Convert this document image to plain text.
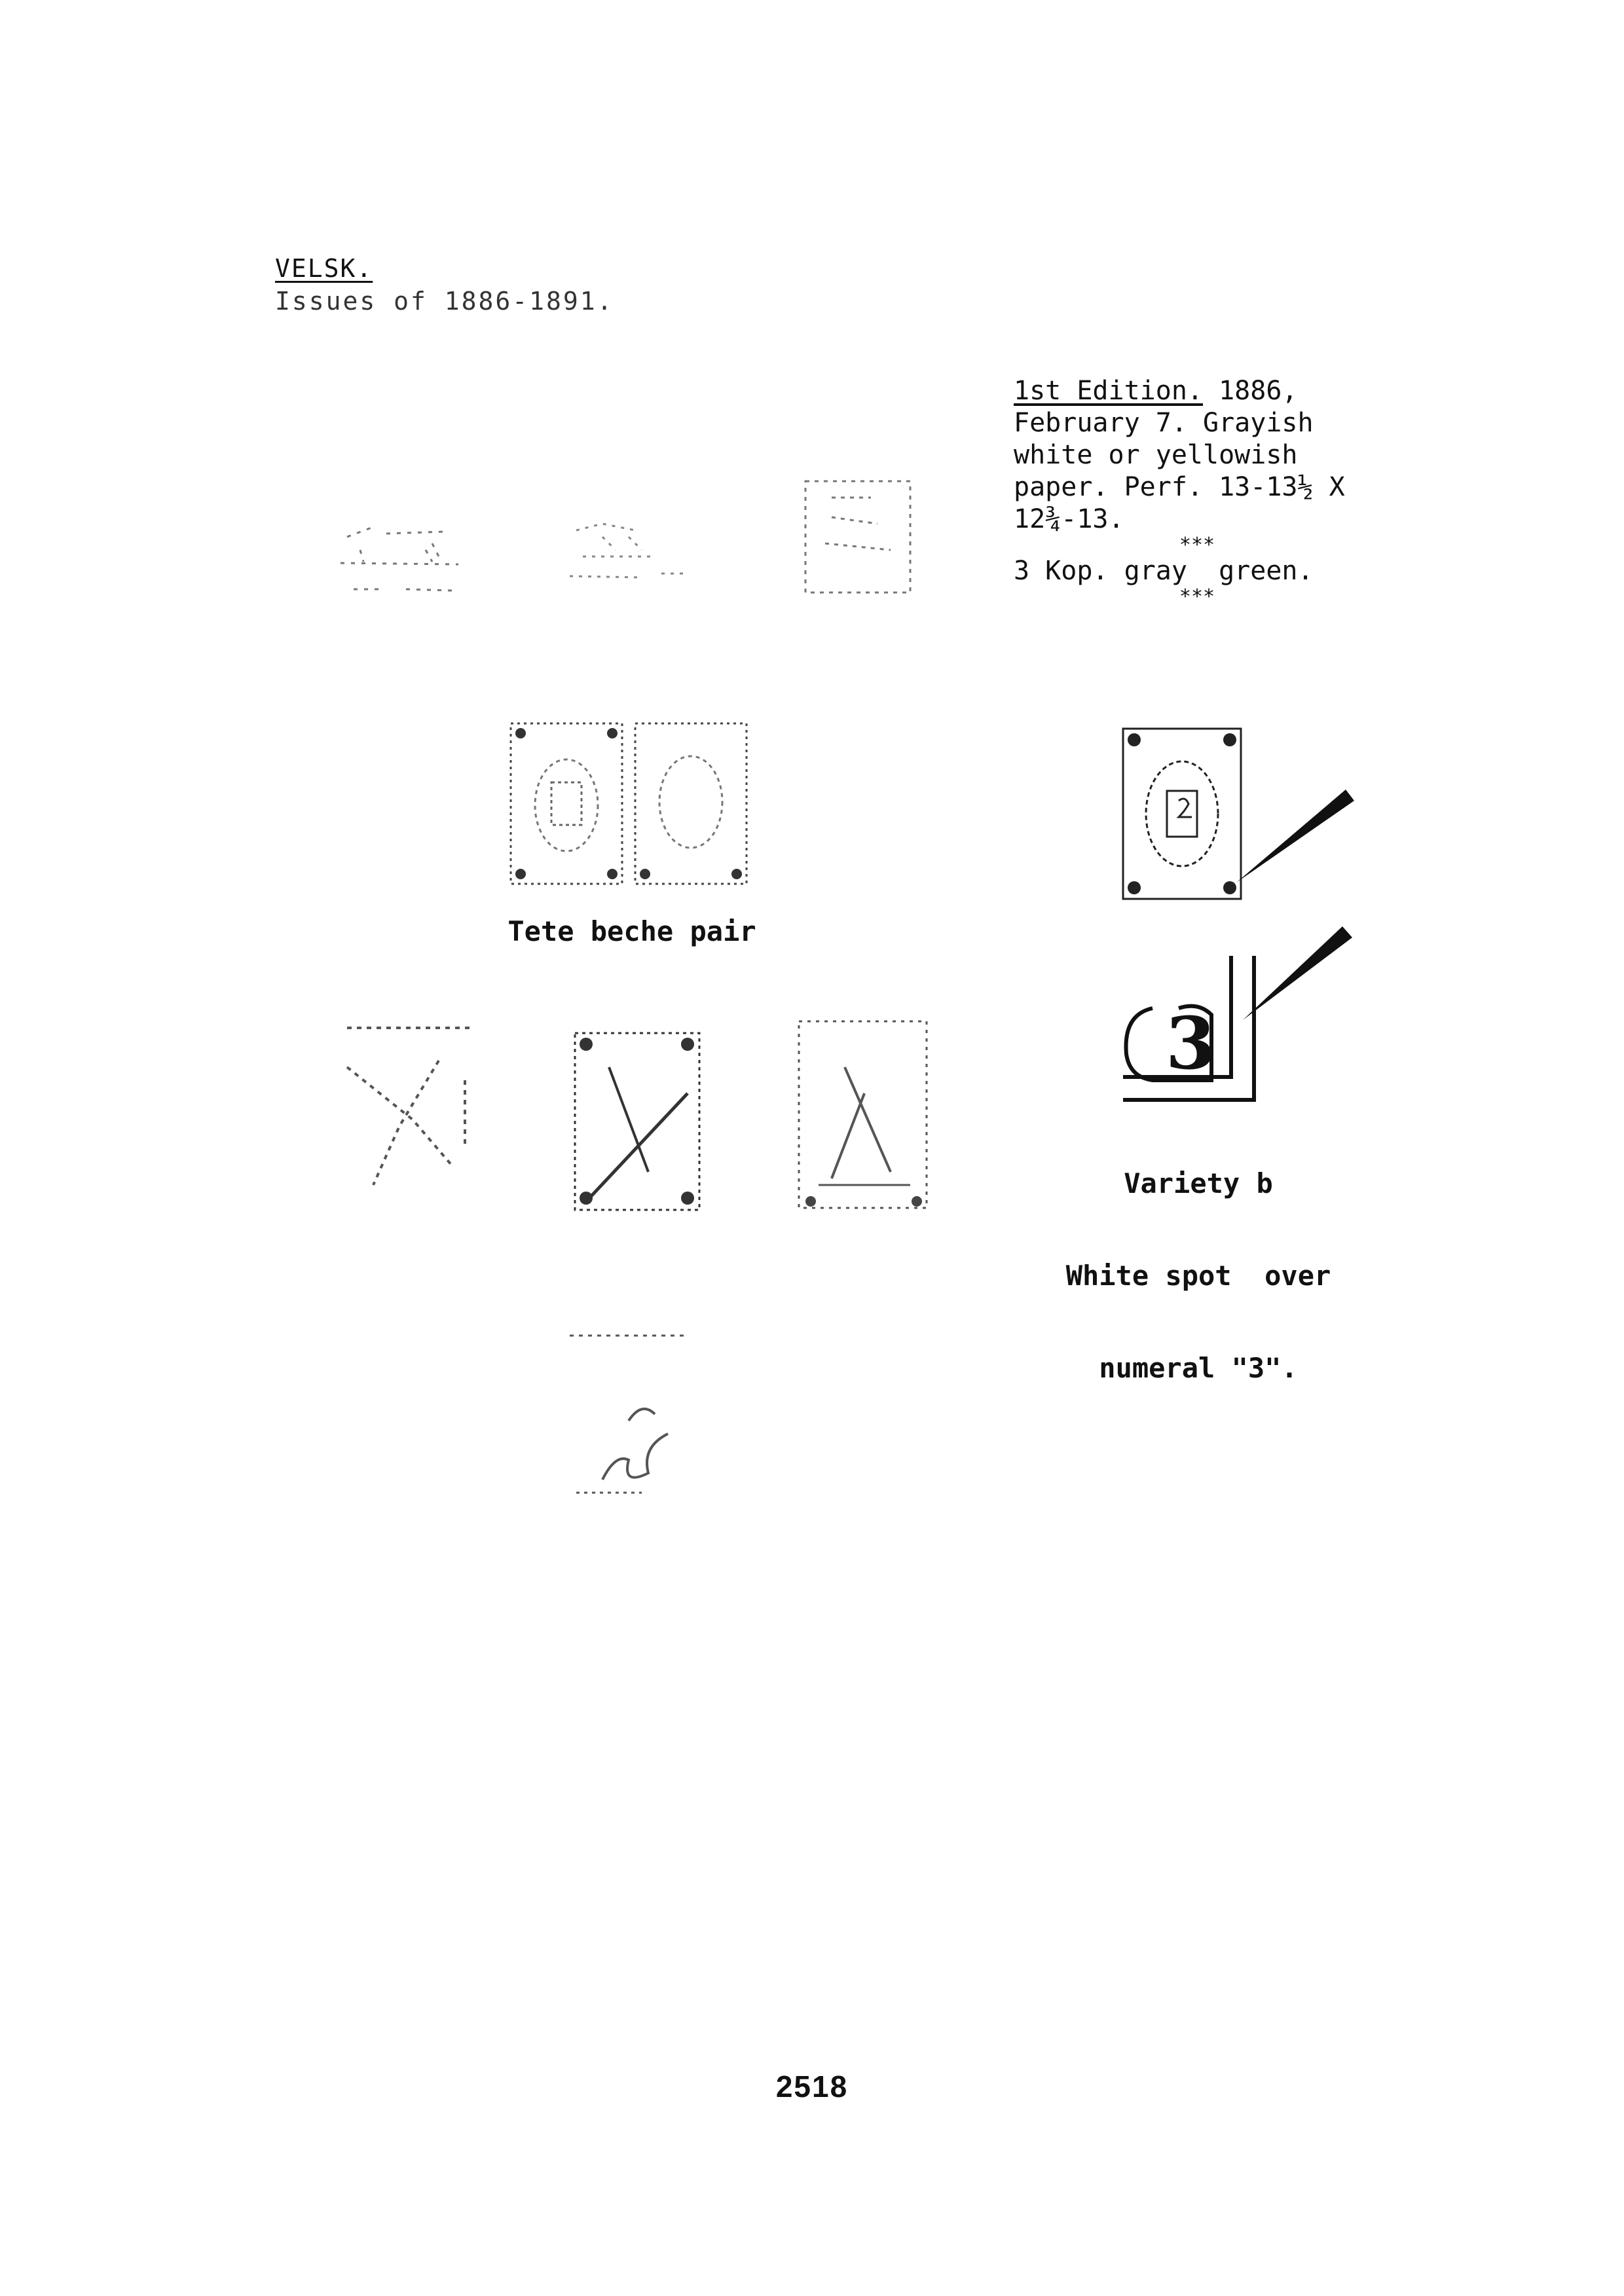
VELSK.
Issues of 1886-1891.
1st Edition. 1886, February 7. Grayish white or yellowish paper. Perf. 13-13½ X 12¾-13.
***
3 Kop. gray  green.
***
Tete beche pair
3

Variety b

White spot  over

numeral "3".

2518
